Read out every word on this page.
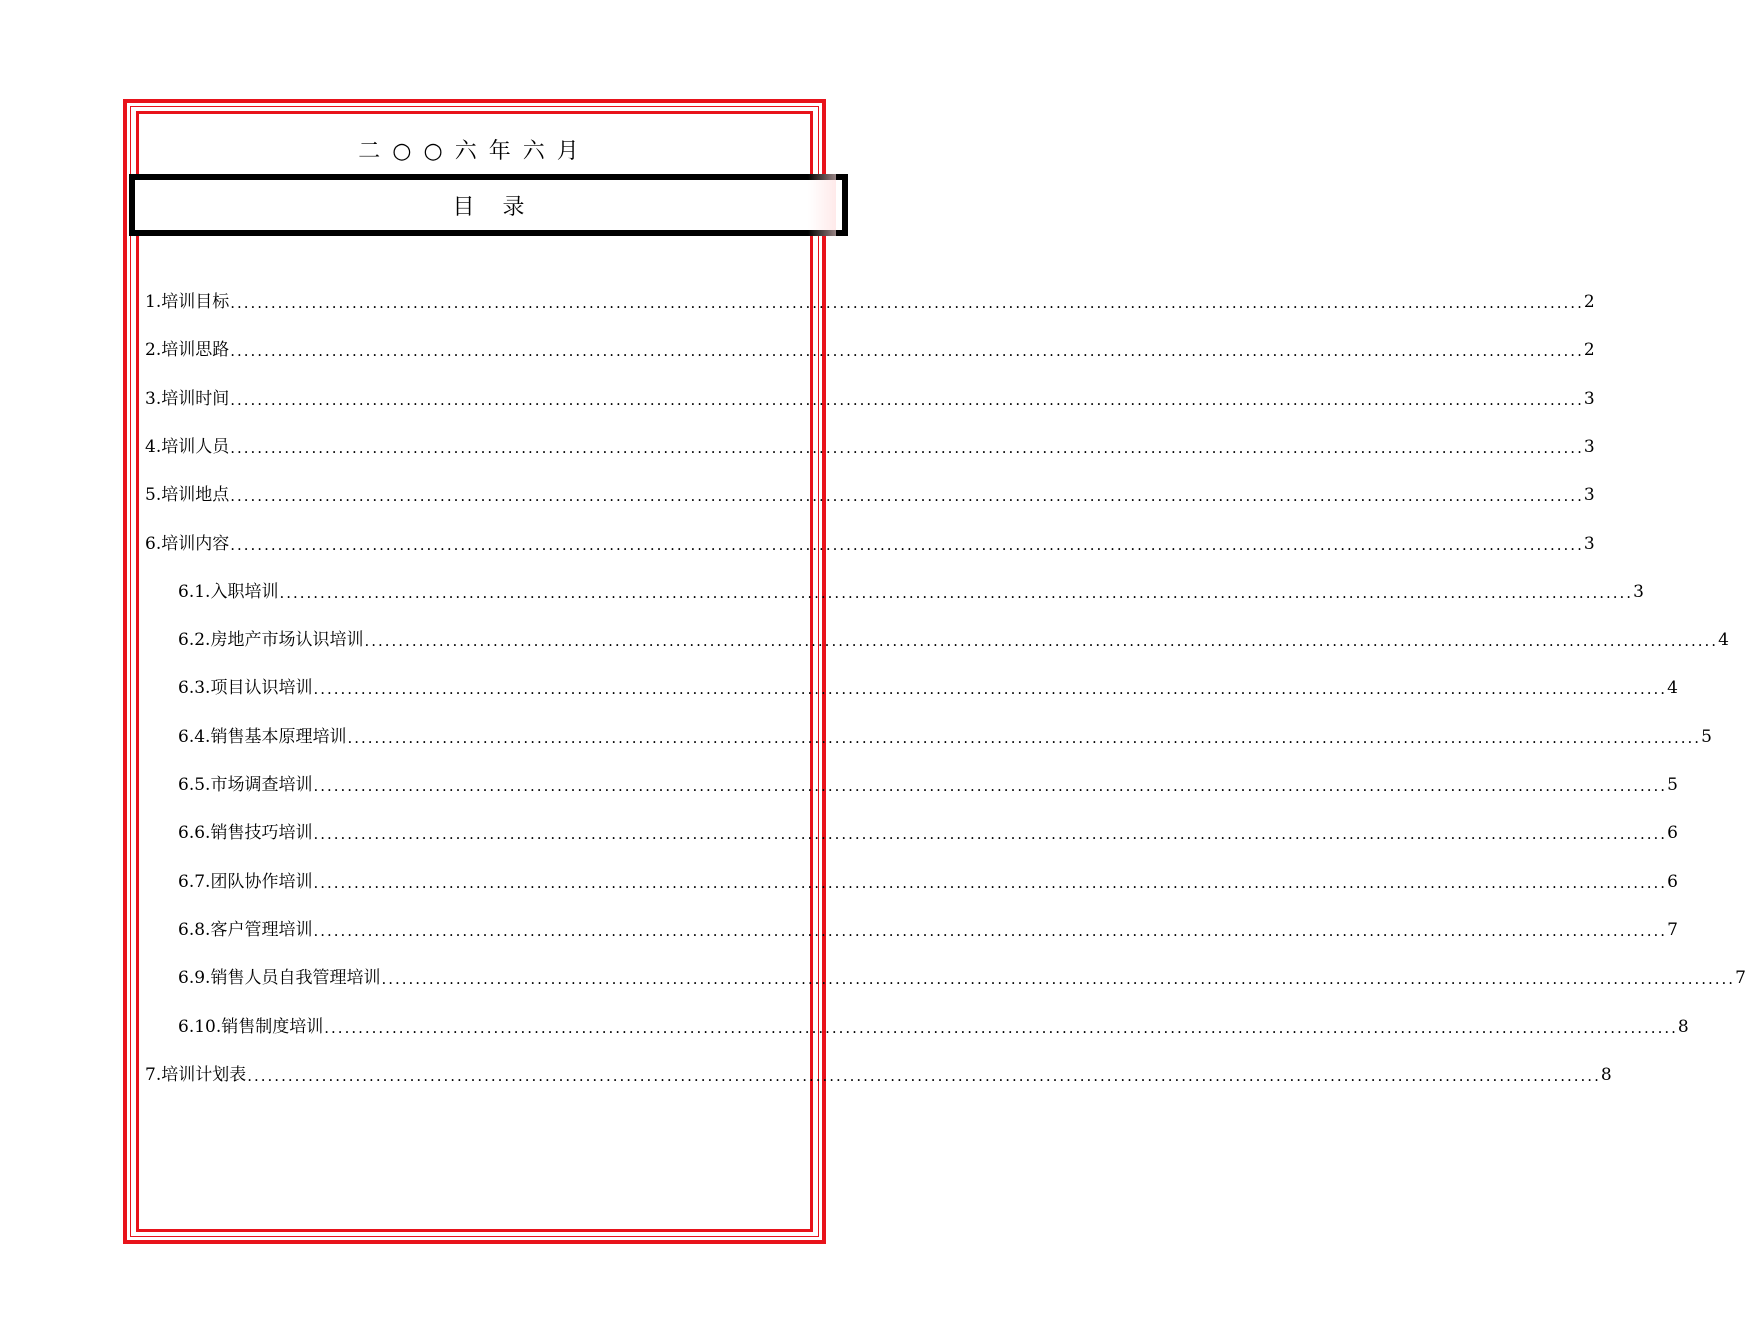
二○○六年六月
目录
1. 培训目标 ........................................................................................................................................................................................................ 2
2. 培训思路 ........................................................................................................................................................................................................ 2
3. 培训时间 ........................................................................................................................................................................................................ 3
4. 培训人员 ........................................................................................................................................................................................................ 3
5. 培训地点 ........................................................................................................................................................................................................ 3
6. 培训内容 ........................................................................................................................................................................................................ 3
6.1. 入职培训 ........................................................................................................................................................................................................ 3
6.2. 房地产市场认识培训 ........................................................................................................................................................................................................ 4
6.3. 项目认识培训 ........................................................................................................................................................................................................ 4
6.4. 销售基本原理培训 ........................................................................................................................................................................................................ 5
6.5. 市场调查培训 ........................................................................................................................................................................................................ 5
6.6. 销售技巧培训 ........................................................................................................................................................................................................ 6
6.7. 团队协作培训 ........................................................................................................................................................................................................ 6
6.8. 客户管理培训 ........................................................................................................................................................................................................ 7
6.9. 销售人员自我管理培训 ........................................................................................................................................................................................................ 7
6.10. 销售制度培训 ........................................................................................................................................................................................................ 8
7. 培训计划表 ........................................................................................................................................................................................................ 8
